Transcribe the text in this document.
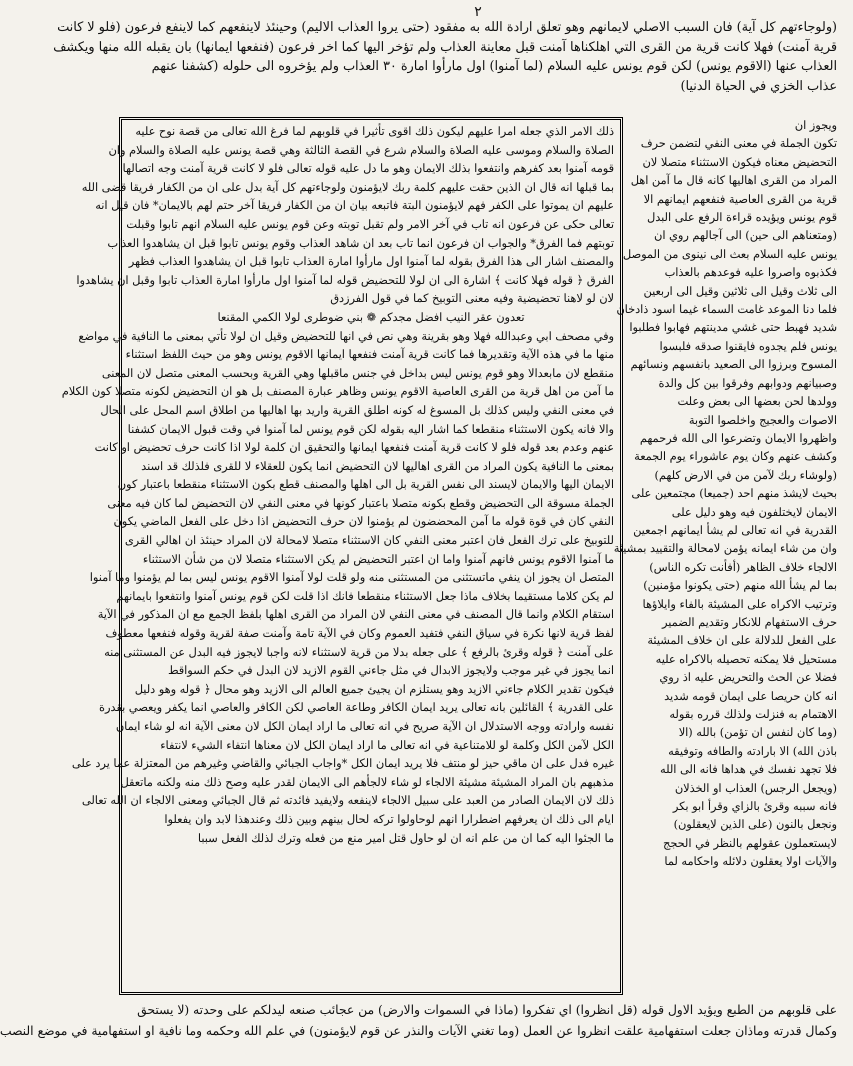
٢
(ولوجاءتهم كل آية) فان السبب الاصلي لايمانهم وهو تعلق ارادة الله به مفقود (حتى يروا العذاب الاليم) وحينئذ لاينفعهم كما لاينفع فرعون (فلو لا كانت
قرية آمنت) فهلا كانت قرية من القرى التي اهلكناها آمنت قبل معاينة العذاب ولم تؤخر اليها كما اخر فرعون (فنفعها ايمانها) بان يقبله الله منها ويكشف
العذاب عنها (الاقوم يونس) لكن قوم يونس عليه السلام (لما آمنوا) اول مارأوا امارة ٣٠ العذاب ولم يؤخروه الى حلوله (كشفنا عنهم
عذاب الخزي في الحياة الدنيا)
ذلك الامر الذي جعله امرا عليهم ليكون ذلك اقوى تأثيرا في قلوبهم لما فرغ الله تعالى من قصة نوح عليه
الصلاة والسلام وموسى عليه الصلاة والسلام شرع في القصة الثالثة وهي قصة يونس عليه الصلاة والسلام وان
قومه آمنوا بعد كفرهم وانتفعوا بذلك الايمان وهو ما دل عليه قوله تعالى فلو لا كانت قرية آمنت وجه اتصالها
بما قبلها انه قال ان الذين حقت عليهم كلمة ربك لايؤمنون ولوجاءتهم كل آية بدل على ان من الكفار فريقا قضى الله
عليهم ان يموتوا على الكفر فهم لايؤمنون البتة فاتبعه بيان ان من الكفار فريقا آخر حتم لهم بالايمان* فان قيل انه
تعالى حكى عن فرعون انه تاب في آخر الامر ولم تقبل توبته وعن قوم يونس عليه السلام انهم تابوا وقبلت
توبتهم فما الفرق* والجواب ان فرعون انما تاب بعد ان شاهد العذاب وقوم يونس تابوا قبل ان يشاهدوا العذاب
والمصنف اشار الى هذا الفرق بقوله لما آمنوا اول مارأوا امارة العذاب تابوا قبل ان يشاهدوا العذاب فظهر
الفرق ﴿ قوله فهلا كانت ﴾ اشارة الى ان لولا للتحضيض قوله لما آمنوا اول مارأوا امارة العذاب تابوا وقبل ان يشاهدوا
لان لو لاهنا تحضيضية وفيه معنى التوبيخ كما في قول الفرزدق
تعدون عقر النيب افضل مجدكم ❁ بني ضوطرى لولا الكمي المقنعا
وفي مصحف ابي وعبدالله فهلا وهو بقرينة وهي نص في انها للتحضيض وقيل ان لولا تأتي بمعنى ما النافية في مواضع
منها ما في هذه الآية وتقديرها فما كانت قرية آمنت فنفعها ايمانها الاقوم يونس وهو من حيث اللفظ استثناء
منقطع لان مابعدالا وهو قوم يونس ليس بداخل في جنس ماقبلها وهي القرية وبحسب المعنى متصل لان المعنى
ما آمن من اهل قرية من القرى العاصية الاقوم يونس وظاهر عبارة المصنف بل هو ان التحضيض لكونه متصلا كون الكلام
في معنى النفي وليس كذلك بل المسوغ له كونه اطلق القرية واريد بها اهاليها من اطلاق اسم المحل على الحال
والا فانه يكون الاستثناء منقطعا كما اشار اليه بقوله لكن قوم يونس لما آمنوا في وقت قبول الايمان كشفنا
عنهم وعدم بعد قوله فلو لا كانت قرية آمنت فنفعها ايمانها والتحقيق ان كلمة لولا اذا كانت حرف تحضيض او كانت
بمعنى ما النافية يكون المراد من القرى اهاليها لان التحضيض انما يكون للعقلاء لا للقرى فلذلك قد اسند
الايمان اليها والايمان لايسند الى نفس القرية بل الى اهلها والمصنف قطع بكون الاستثناء منقطعا باعتبار كون
الجملة مسوقة الى التحضيض وقطع بكونه متصلا باعتبار كونها في معنى النفي لان التحضيض لما كان فيه معنى
النفي كان في قوة قوله ما آمن المحضضون لم يؤمنوا لان حرف التحضيض اذا دخل على الفعل الماضي يكون
للتوبيخ على ترك الفعل فان اعتبر معنى النفي كان الاستثناء متصلا لامحالة لان المراد حينئذ ان اهالي القرى
ما آمنوا الاقوم يونس فانهم آمنوا واما ان اعتبر التحضيض لم يكن الاستثناء متصلا لان من شأن الاستثناء
المتصل ان يجوز ان ينفي ماتستثنى من المستثنى منه ولو قلت لولا آمنوا الاقوم يونس ليس بما لم يؤمنوا وما آمنوا
لم يكن كلاما مستقيما بخلاف ماذا جعل الاستثناء منقطعا فانك اذا قلت لكن قوم يونس آمنوا وانتفعوا بايمانهم
استقام الكلام وانما قال المصنف في معنى النفي لان المراد من القرى اهلها بلفظ الجمع مع ان المذكور في الآية
لفظ قرية لانها نكرة في سياق النفي فتفيد العموم وكان في الآية تامة وآمنت صفة لقرية وقوله فنفعها معطوف
على آمنت ﴿ قوله وقرئ بالرفع ﴾ على جعله بدلا من قرية لاستثناء لانه واجبا لايجوز فيه البدل عن المستثنى منه
انما يجوز في غير موجب ولايجوز الابدال في مثل جاءني القوم الازيد لان البدل في حكم السواقط
فيكون تقدير الكلام جاءني الازيد وهو يستلزم ان يجيئ جميع العالم الى الازيد وهو محال ﴿ قوله وهو دليل
على القدرية ﴾ القائلين بانه تعالى يريد ايمان الكافر وطاعة العاصي لكن الكافر والعاصي انما يكفر ويعصي بقدرة
نفسه وارادته ووجه الاستدلال ان الآية صريح في انه تعالى ما اراد ايمان الكل لان معنى الآية انه لو شاء ايمان
الكل لآمن الكل وكلمة لو للامتناعية في انه تعالى ما اراد ايمان الكل لان معناها انتفاء الشيء لانتفاء
غيره فدل على ان ماقي حيز لو منتف فلا يريد ايمان الكل *واجاب الجبائي والقاضي وغيرهم من المعتزلة عما يرد على
مذهبهم بان المراد المشيئة مشيئة الالجاء لو شاء لالجأهم الى الايمان لقدر عليه وصح ذلك منه ولكنه ماتعقل
ذلك لان الايمان الصادر من العبد على سبيل الالجاء لاينفعه ولايفيد فائدته ثم قال الجبائي ومعنى الالجاء ان الله تعالى
ايام الى ذلك ان يعرفهم اضطرارا انهم لوحاولوا تركه لحال بينهم وبين ذلك وعندهذا لابد وان يفعلوا
ما الجئوا اليه كما ان من علم انه ان لو حاول قتل امير منع من فعله وترك لذلك الفعل سببا
ويجوز ان
تكون الجملة في معنى النفي لتضمن حرف
التحضيض معناه فيكون الاستثناء متصلا لان
المراد من القرى اهاليها كانه قال ما آمن اهل
قرية من القرى العاصية فنفعهم ايمانهم الا
قوم يونس ويؤيده قراءة الرفع على البدل
(ومتعناهم الى حين) الى آجالهم روي ان
يونس عليه السلام بعث الى نينوى من الموصل
فكذبوه واصروا عليه فوعدهم بالعذاب
الى ثلاث وقيل الى ثلاثين وقيل الى اربعين
فلما دنا الموعد غامت السماء غيما اسود ذادخان
شديد فهبط حتى غشي مدينتهم فهابوا فطلبوا
يونس فلم يجدوه فايقنوا صدقه فلبسوا
المسوح وبرزوا الى الصعيد بانفسهم ونسائهم
وصبيانهم ودوابهم وفرقوا بين كل والدة
وولدها لحن بعضها الى بعض وعلت
الاصوات والعجيج واخلصوا التوبة
واظهروا الايمان وتضرعوا الى الله فرحمهم
وكشف عنهم وكان يوم عاشوراء يوم الجمعة
(ولوشاء ربك لآمن من في الارض كلهم)
بحيث لايشذ منهم احد (جميعا) مجتمعين على
الايمان لايختلفون فيه وهو دليل على
القدرية في انه تعالى لم يشأ ايمانهم اجمعين
وان من شاء ايمانه يؤمن لامحالة والتقييد بمشيئة
الالجاء خلاف الظاهر (أفأنت تكره الناس)
بما لم يشأ الله منهم (حتى يكونوا مؤمنين)
وترتيب الاكراه على المشيئة بالفاء وايلاؤها
حرف الاستفهام للانكار وتقديم الضمير
على الفعل للدلالة على ان خلاف المشيئة
مستحيل فلا يمكنه تحصيله بالاكراه عليه
فضلا عن الحث والتحريض عليه اذ روي
انه كان حريصا على ايمان قومه شديد
الاهتمام به فنزلت ولذلك قرره بقوله
(وما كان لنفس ان تؤمن) بالله (الا
باذن الله) الا بارادته والطافه وتوفيقه
فلا تجهد نفسك في هداها فانه الى الله
(ويجعل الرجس) العذاب او الخذلان
فانه سببه وقرئ بالزاي وقرأ ابو بكر
ونجعل بالنون (على الذين لايعقلون)
لايستعملون عقولهم بالنظر في الحجج
والآيات اولا يعقلون دلائله واحكامه لما
على قلوبهم من الطبع ويؤيد الاول قوله (قل انظروا) اي تفكروا (ماذا في السموات والارض) من عجائب صنعه ليدلكم على وحدته (لا يستحق
وكمال قدرته وماذان جعلت استفهامية علقت انظروا عن العمل (وما تغني الآيات والنذر عن قوم لايؤمنون) في علم الله وحكمه وما نافية او استفهامية في موضع النصب
